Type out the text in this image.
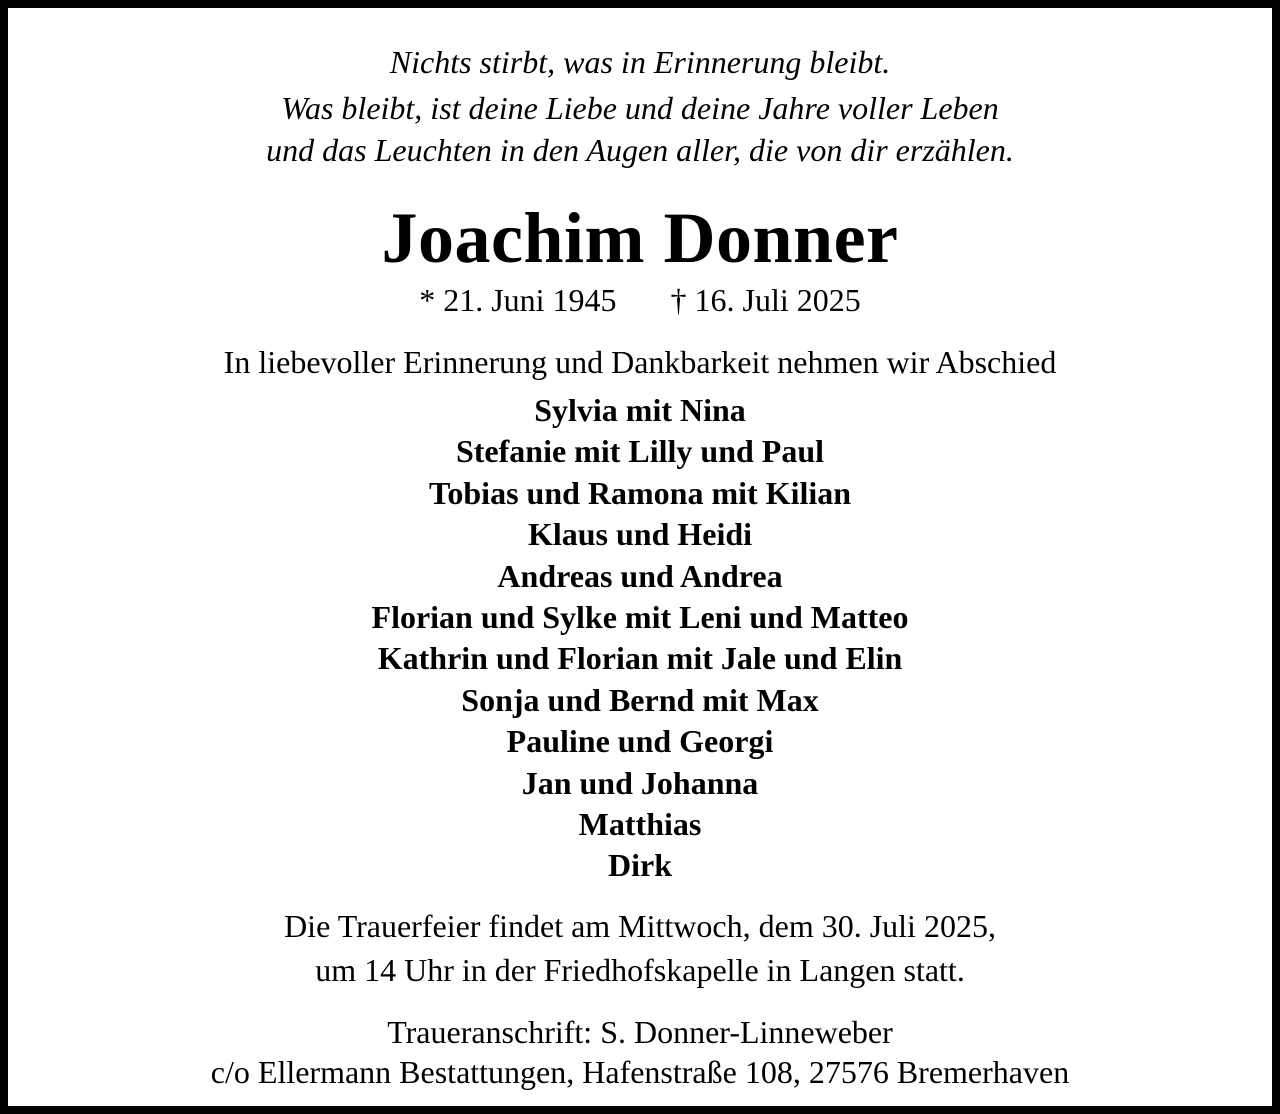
Nichts stirbt, was in Erinnerung bleibt.
Was bleibt, ist deine Liebe und deine Jahre voller Leben
und das Leuchten in den Augen aller, die von dir erzählen.
Joachim Donner
* 21. Juni 1945 † 16. Juli 2025
In liebevoller Erinnerung und Dankbarkeit nehmen wir Abschied
Sylvia mit Nina
Stefanie mit Lilly und Paul
Tobias und Ramona mit Kilian
Klaus und Heidi
Andreas und Andrea
Florian und Sylke mit Leni und Matteo
Kathrin und Florian mit Jale und Elin
Sonja und Bernd mit Max
Pauline und Georgi
Jan und Johanna
Matthias
Dirk
Die Trauerfeier findet am Mittwoch, dem 30. Juli 2025,
um 14 Uhr in der Friedhofskapelle in Langen statt.
Traueranschrift: S. Donner-Linneweber
c/o Ellermann Bestattungen, Hafenstraße 108, 27576 Bremerhaven
